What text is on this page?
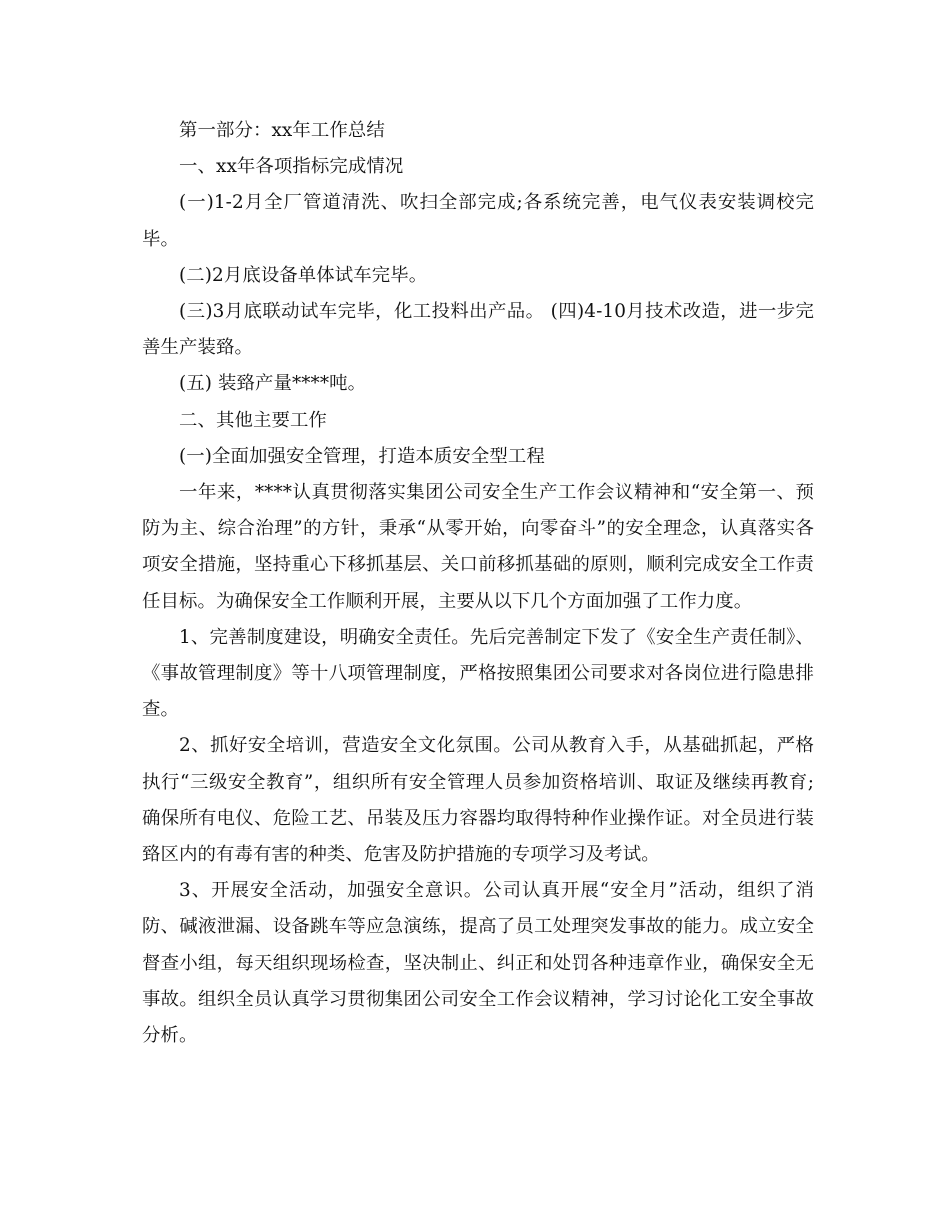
第一部分：xx年工作总结

一、xx年各项指标完成情况

(一)1-2月全厂管道清洗、吹扫全部完成;各系统完善，电气仪表安装调校完毕。

(二)2月底设备单体试车完毕。

(三)3月底联动试车完毕，化工投料出产品。 (四)4-10月技术改造，进一步完善生产装臵。

(五) 装臵产量****吨。

二、其他主要工作

(一)全面加强安全管理，打造本质安全型工程

一年来，****认真贯彻落实集团公司安全生产工作会议精神和“安全第一、预防为主、综合治理”的方针，秉承“从零开始，向零奋斗”的安全理念，认真落实各项安全措施，坚持重心下移抓基层、关口前移抓基础的原则，顺利完成安全工作责任目标。为确保安全工作顺利开展，主要从以下几个方面加强了工作力度。

1、完善制度建设，明确安全责任。先后完善制定下发了《安全生产责任制》、《事故管理制度》等十八项管理制度，严格按照集团公司要求对各岗位进行隐患排查。

2、抓好安全培训，营造安全文化氛围。公司从教育入手，从基础抓起，严格执行“三级安全教育”，组织所有安全管理人员参加资格培训、取证及继续再教育;确保所有电仪、危险工艺、吊装及压力容器均取得特种作业操作证。对全员进行装臵区内的有毒有害的种类、危害及防护措施的专项学习及考试。

3、开展安全活动，加强安全意识。公司认真开展“安全月”活动，组织了消防、碱液泄漏、设备跳车等应急演练，提高了员工处理突发事故的能力。成立安全督查小组，每天组织现场检查，坚决制止、纠正和处罚各种违章作业，确保安全无事故。组织全员认真学习贯彻集团公司安全工作会议精神，学习讨论化工安全事故分析。
